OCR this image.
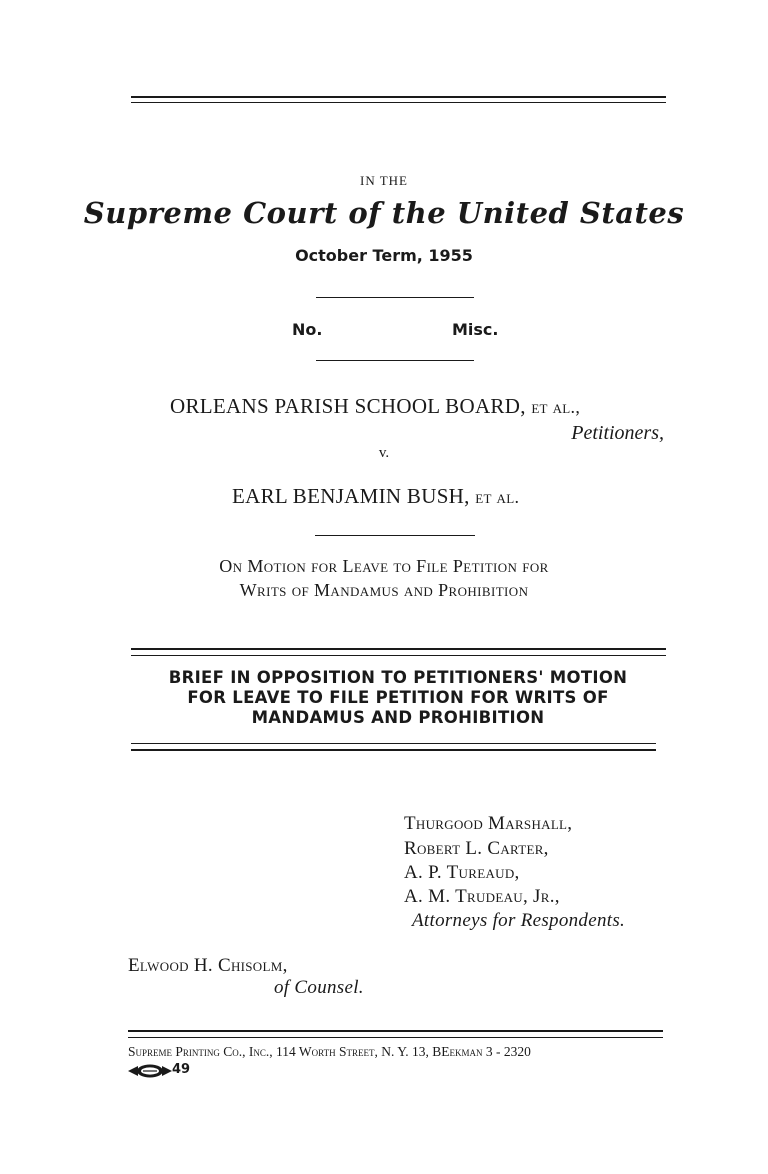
IN THE
Supreme Court of the United States
October Term, 1955
No.	Misc.
ORLEANS PARISH SCHOOL BOARD, et al.,
Petitioners,
v.
EARL BENJAMIN BUSH, et al.
On Motion for Leave to File Petition for
Writs of Mandamus and Prohibition
BRIEF IN OPPOSITION TO PETITIONERS' MOTION
FOR LEAVE TO FILE PETITION FOR WRITS OF
MANDAMUS AND PROHIBITION
Thurgood Marshall,
Robert L. Carter,
A. P. Tureaud,
A. M. Trudeau, Jr.,
Attorneys for Respondents.
Elwood H. Chisolm,
of Counsel.
Supreme Printing Co., Inc., 114 Worth Street, N. Y. 13, BEekman 3 - 2320
49
